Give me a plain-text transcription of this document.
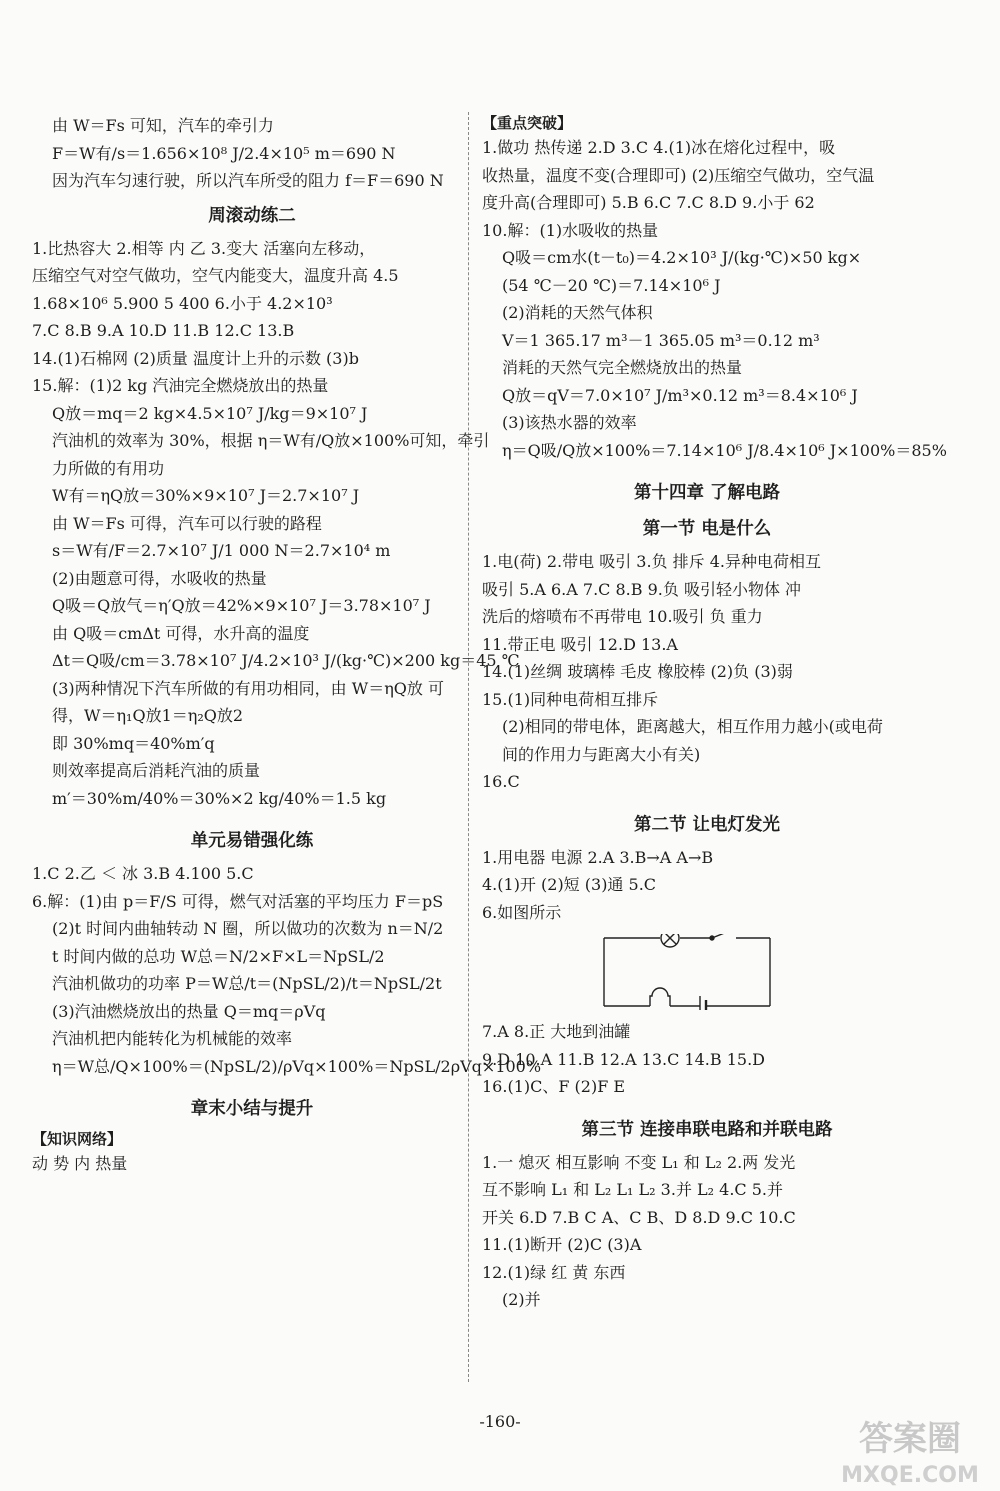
由 W＝Fs 可知，汽车的牵引力
F＝W有/s＝1.656×10⁸ J/2.4×10⁵ m＝690 N
因为汽车匀速行驶，所以汽车所受的阻力 f＝F＝690 N
周滚动练二
1.比热容大 2.相等 内 乙 3.变大 活塞向左移动，
压缩空气对空气做功，空气内能变大，温度升高 4.5
1.68×10⁶ 5.900 5 400 6.小于 4.2×10³
7.C 8.B 9.A 10.D 11.B 12.C 13.B
14.(1)石棉网 (2)质量 温度计上升的示数 (3)b
15.解：(1)2 kg 汽油完全燃烧放出的热量
Q放＝mq＝2 kg×4.5×10⁷ J/kg＝9×10⁷ J
汽油机的效率为 30%，根据 η＝W有/Q放×100%可知，牵引
力所做的有用功
W有＝ηQ放＝30%×9×10⁷ J＝2.7×10⁷ J
由 W＝Fs 可得，汽车可以行驶的路程
s＝W有/F＝2.7×10⁷ J/1 000 N＝2.7×10⁴ m
(2)由题意可得，水吸收的热量
Q吸＝Q放气＝η′Q放＝42%×9×10⁷ J＝3.78×10⁷ J
由 Q吸＝cmΔt 可得，水升高的温度
Δt＝Q吸/cm＝3.78×10⁷ J/4.2×10³ J/(kg·℃)×200 kg＝45 ℃
(3)两种情况下汽车所做的有用功相同，由 W＝ηQ放 可
得，W＝η₁Q放1＝η₂Q放2
即 30%mq＝40%m′q
则效率提高后消耗汽油的质量
m′＝30%m/40%＝30%×2 kg/40%＝1.5 kg
单元易错强化练
1.C 2.乙 ＜ 冰 3.B 4.100 5.C
6.解：(1)由 p＝F/S 可得，燃气对活塞的平均压力 F＝pS
(2)t 时间内曲轴转动 N 圈，所以做功的次数为 n＝N/2
t 时间内做的总功 W总＝N/2×F×L＝NpSL/2
汽油机做功的功率 P＝W总/t＝(NpSL/2)/t＝NpSL/2t
(3)汽油燃烧放出的热量 Q＝mq＝ρVq
汽油机把内能转化为机械能的效率
η＝W总/Q×100%＝(NpSL/2)/ρVq×100%＝NpSL/2ρVq×100%
章末小结与提升
【知识网络】
动 势 内 热量
【重点突破】
1.做功 热传递 2.D 3.C 4.(1)冰在熔化过程中，吸
收热量，温度不变(合理即可) (2)压缩空气做功，空气温
度升高(合理即可) 5.B 6.C 7.C 8.D 9.小于 62
10.解：(1)水吸收的热量
Q吸＝cm水(t－t₀)＝4.2×10³ J/(kg·℃)×50 kg×
(54 ℃－20 ℃)＝7.14×10⁶ J
(2)消耗的天然气体积
V＝1 365.17 m³－1 365.05 m³＝0.12 m³
消耗的天然气完全燃烧放出的热量
Q放＝qV＝7.0×10⁷ J/m³×0.12 m³＝8.4×10⁶ J
(3)该热水器的效率
η＝Q吸/Q放×100%＝7.14×10⁶ J/8.4×10⁶ J×100%＝85%
第十四章 了解电路
第一节 电是什么
1.电(荷) 2.带电 吸引 3.负 排斥 4.异种电荷相互
吸引 5.A 6.A 7.C 8.B 9.负 吸引轻小物体 冲
洗后的熔喷布不再带电 10.吸引 负 重力
11.带正电 吸引 12.D 13.A
14.(1)丝绸 玻璃棒 毛皮 橡胶棒 (2)负 (3)弱
15.(1)同种电荷相互排斥
(2)相同的带电体，距离越大，相互作用力越小(或电荷
间的作用力与距离大小有关)
16.C
第二节 让电灯发光
1.用电器 电源 2.A 3.B→A A→B
4.(1)开 (2)短 (3)通 5.C
6.如图所示
7.A 8.正 大地到油罐
9.D 10.A 11.B 12.A 13.C 14.B 15.D
16.(1)C、F (2)F E
第三节 连接串联电路和并联电路
1.一 熄灭 相互影响 不变 L₁ 和 L₂ 2.两 发光
互不影响 L₁ 和 L₂ L₁ L₂ 3.并 L₂ 4.C 5.并
开关 6.D 7.B C A、C B、D 8.D 9.C 10.C
11.(1)断开 (2)C (3)A
12.(1)绿 红 黄 东西
(2)并
-160-	答案圈
MXQE.COM
